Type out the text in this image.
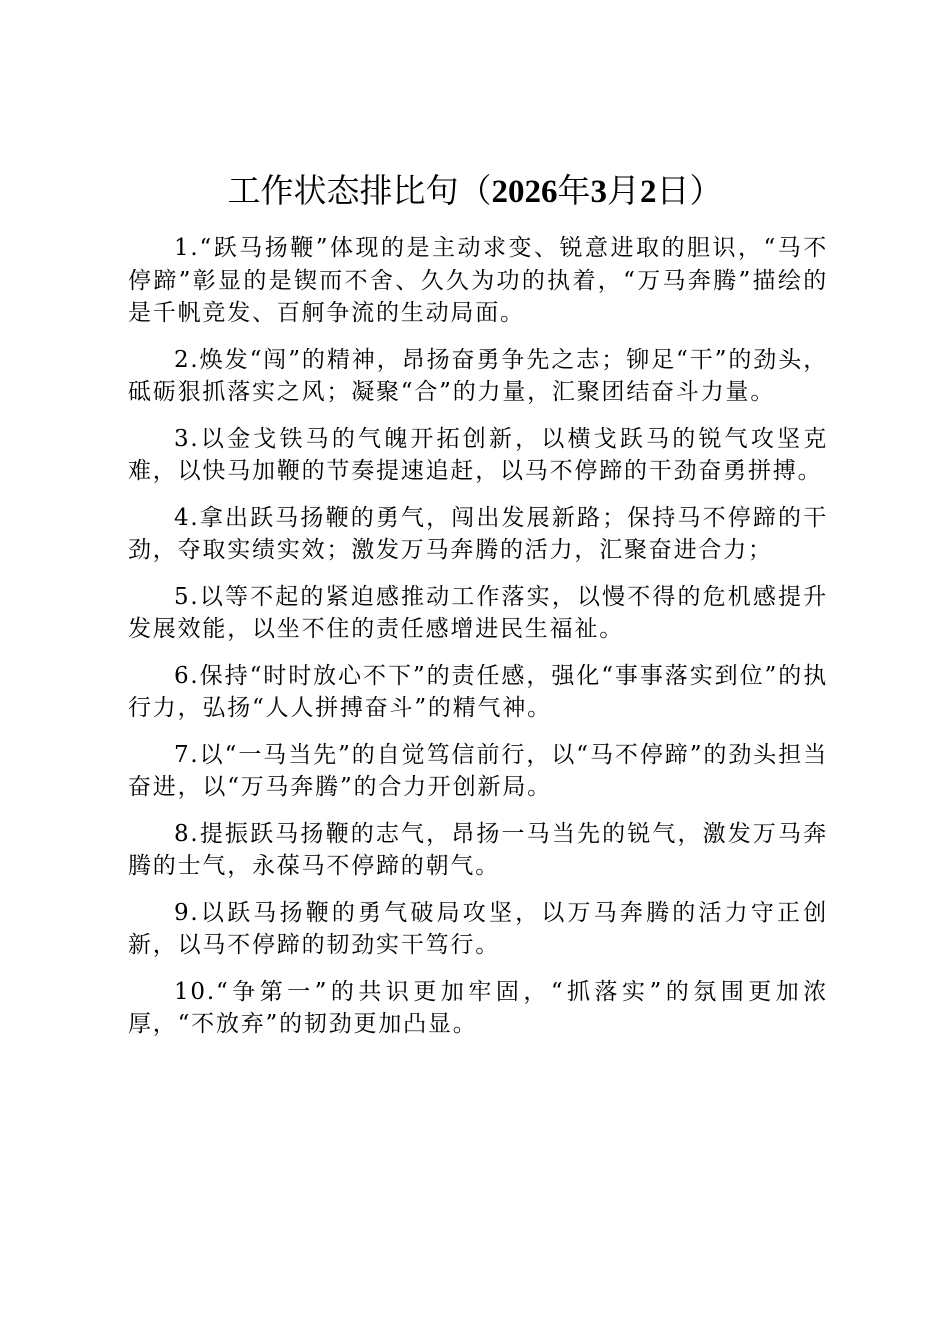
工作状态排比句（2026年3月2日）

1.“跃马扬鞭”体现的是主动求变、锐意进取的胆识，“马不停蹄”彰显的是锲而不舍、久久为功的执着，“万马奔腾”描绘的是千帆竞发、百舸争流的生动局面。

2.焕发“闯”的精神，昂扬奋勇争先之志；铆足“干”的劲头，砥砺狠抓落实之风；凝聚“合”的力量，汇聚团结奋斗力量。

3.以金戈铁马的气魄开拓创新，以横戈跃马的锐气攻坚克难，以快马加鞭的节奏提速追赶，以马不停蹄的干劲奋勇拼搏。

4.拿出跃马扬鞭的勇气，闯出发展新路；保持马不停蹄的干劲，夺取实绩实效；激发万马奔腾的活力，汇聚奋进合力；

5.以等不起的紧迫感推动工作落实，以慢不得的危机感提升发展效能，以坐不住的责任感增进民生福祉。

6.保持“时时放心不下”的责任感，强化“事事落实到位”的执行力，弘扬“人人拼搏奋斗”的精气神。

7.以“一马当先”的自觉笃信前行，以“马不停蹄”的劲头担当奋进，以“万马奔腾”的合力开创新局。

8.提振跃马扬鞭的志气，昂扬一马当先的锐气，激发万马奔腾的士气，永葆马不停蹄的朝气。

9.以跃马扬鞭的勇气破局攻坚，以万马奔腾的活力守正创新，以马不停蹄的韧劲实干笃行。

10.“争第一”的共识更加牢固，“抓落实”的氛围更加浓厚，“不放弃”的韧劲更加凸显。
